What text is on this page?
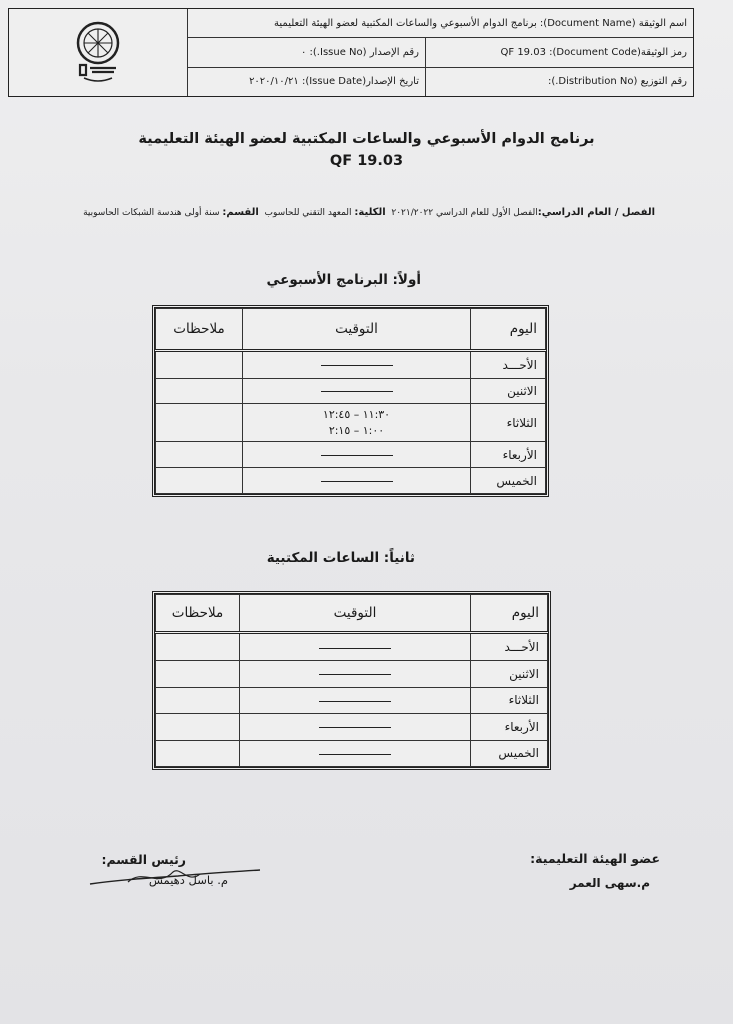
اسم الوثيقة (Document Name): برنامج الدوام الأسبوعي والساعات المكتبية لعضو الهيئة التعليمية
رمز الوثيقة(Document Code): QF 19.03
رقم الإصدار (Issue No.): ٠
رقم التوزيع (Distribution No.):
تاريخ الإصدار(Issue Date): ٢٠٢٠/١٠/٢١
برنامج الدوام الأسبوعي والساعات المكتبية لعضو الهيئة التعليمية
QF 19.03
الفصل / العام الدراسي:الفصل الأول للعام الدراسي ٢٠٢١/٢٠٢٢  الكلية: المعهد التقني للحاسوب  القسم: سنة أولى هندسة الشبكات الحاسوبية
أولاً: البرنامج الأسبوعي
اليوم	التوقيت	ملاحظات
الأحـــد		
الاثنين		
الثلاثاء	١١:٣٠ – ١٢:٤٥
١:٠٠ – ٢:١٥	

الأربعاء		
الخميس		
ثانياً: الساعات المكتبية
اليوم	التوقيت	ملاحظات
الأحـــد		
الاثنين		
الثلاثاء		
الأربعاء		
الخميس		
عضو الهيئة التعليمية:
م.سهى العمر
رئيس القسم:
م. باسل دهيمش
